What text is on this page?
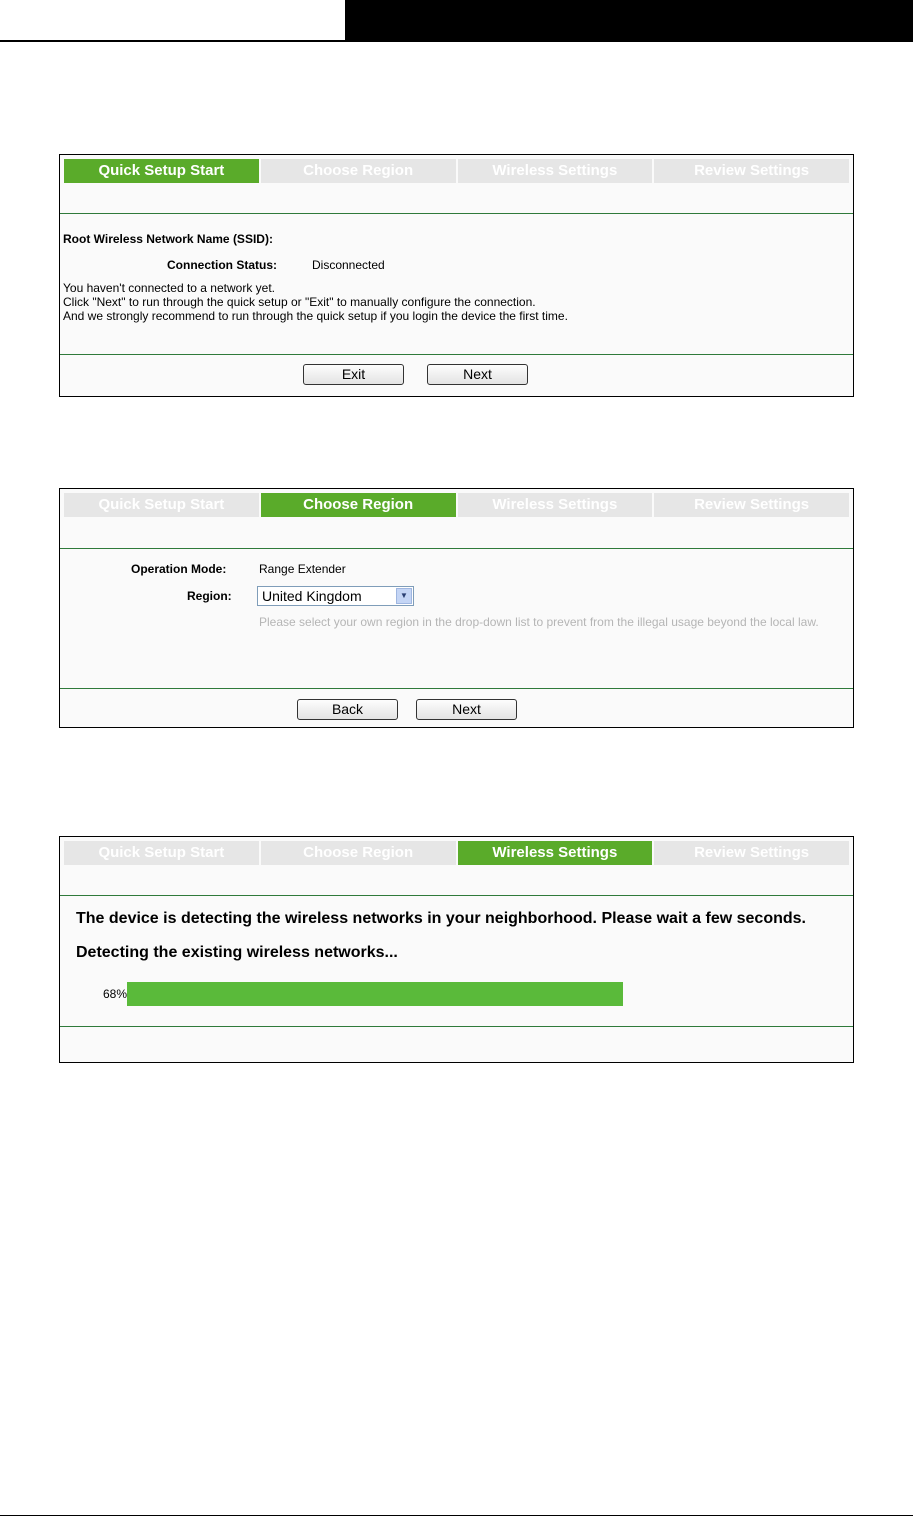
Quick Setup Start	Choose Region	Wireless Settings	Review Settings
Root Wireless Network Name (SSID):
Connection Status:	Disconnected
You haven't connected to a network yet.
Click "Next" to run through the quick setup or "Exit" to manually configure the connection.
And we strongly recommend to run through the quick setup if you login the device the first time.
Exit	Next
Quick Setup Start	Choose Region	Wireless Settings	Review Settings
Operation Mode:	Range Extender
Region:	United Kingdom	▼
Please select your own region in the drop-down list to prevent from the illegal usage beyond the local law.
Back	Next
Quick Setup Start	Choose Region	Wireless Settings	Review Settings
The device is detecting the wireless networks in your neighborhood. Please wait a few seconds.
Detecting the existing wireless networks...
68%
